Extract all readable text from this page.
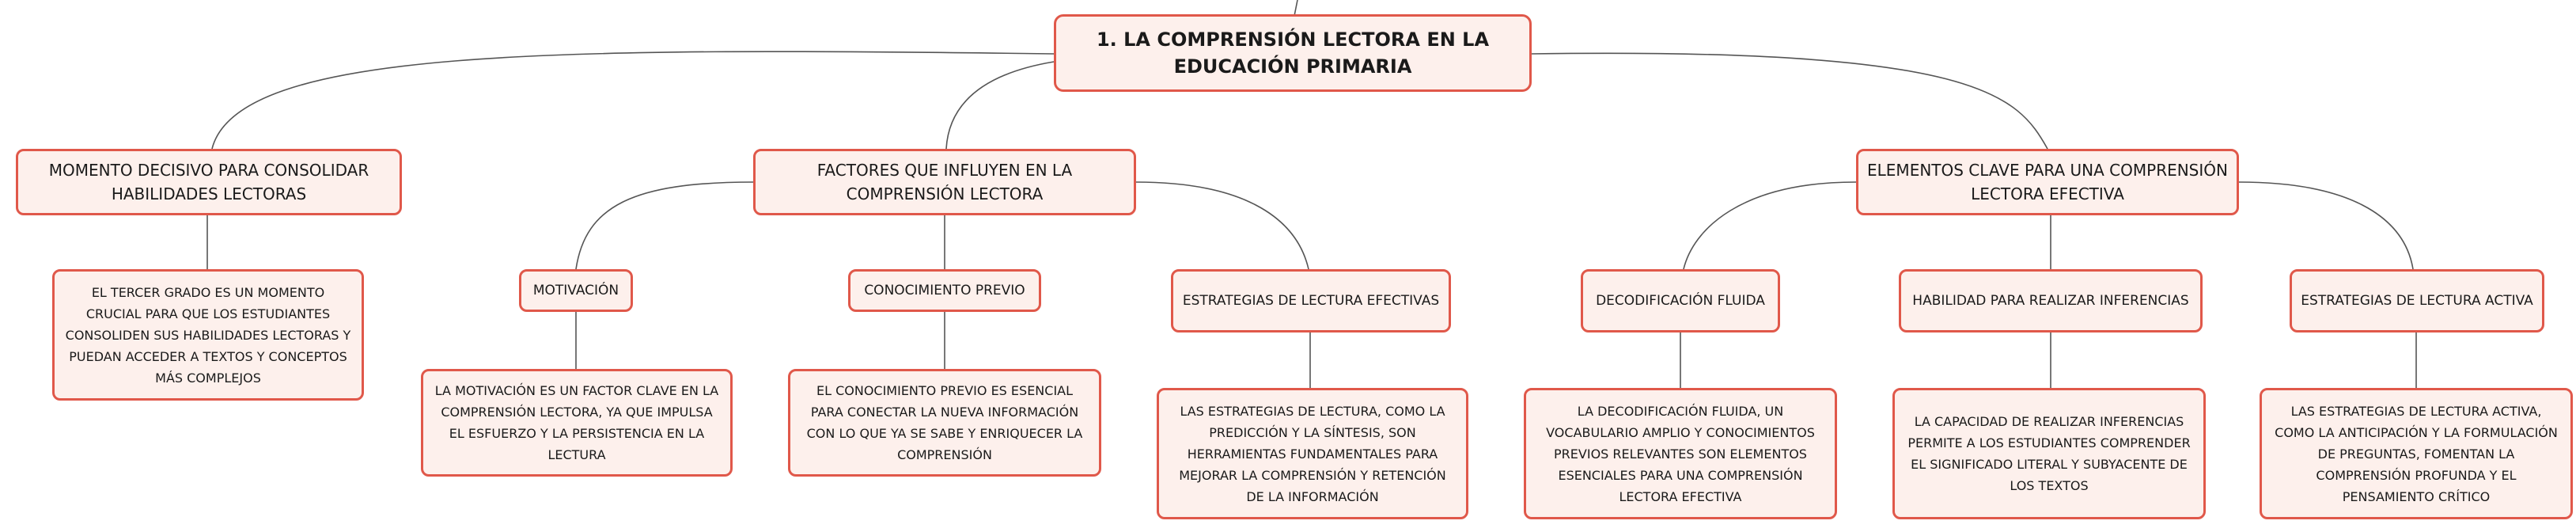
1. LA COMPRENSIÓN LECTORA EN LA EDUCACIÓN PRIMARIA
MOMENTO DECISIVO PARA CONSOLIDAR HABILIDADES LECTORAS
FACTORES QUE INFLUYEN EN LA COMPRENSIÓN LECTORA
ELEMENTOS CLAVE PARA UNA COMPRENSIÓN LECTORA EFECTIVA
EL TERCER GRADO ES UN MOMENTO CRUCIAL PARA QUE LOS ESTUDIANTES CONSOLIDEN SUS HABILIDADES LECTORAS Y PUEDAN ACCEDER A TEXTOS Y CONCEPTOS MÁS COMPLEJOS
MOTIVACIÓN	CONOCIMIENTO PREVIO
ESTRATEGIAS DE LECTURA EFECTIVAS	DECODIFICACIÓN FLUIDA	HABILIDAD PARA REALIZAR INFERENCIAS	ESTRATEGIAS DE LECTURA ACTIVA
LA MOTIVACIÓN ES UN FACTOR CLAVE EN LA COMPRENSIÓN LECTORA, YA QUE IMPULSA EL ESFUERZO Y LA PERSISTENCIA EN LA LECTURA
EL CONOCIMIENTO PREVIO ES ESENCIAL PARA CONECTAR LA NUEVA INFORMACIÓN CON LO QUE YA SE SABE Y ENRIQUECER LA COMPRENSIÓN
LAS ESTRATEGIAS DE LECTURA, COMO LA PREDICCIÓN Y LA SÍNTESIS, SON HERRAMIENTAS FUNDAMENTALES PARA MEJORAR LA COMPRENSIÓN Y RETENCIÓN DE LA INFORMACIÓN
LA DECODIFICACIÓN FLUIDA, UN VOCABULARIO AMPLIO Y CONOCIMIENTOS PREVIOS RELEVANTES SON ELEMENTOS ESENCIALES PARA UNA COMPRENSIÓN LECTORA EFECTIVA
LA CAPACIDAD DE REALIZAR INFERENCIAS PERMITE A LOS ESTUDIANTES COMPRENDER EL SIGNIFICADO LITERAL Y SUBYACENTE DE LOS TEXTOS
LAS ESTRATEGIAS DE LECTURA ACTIVA, COMO LA ANTICIPACIÓN Y LA FORMULACIÓN DE PREGUNTAS, FOMENTAN LA COMPRENSIÓN PROFUNDA Y EL PENSAMIENTO CRÍTICO
